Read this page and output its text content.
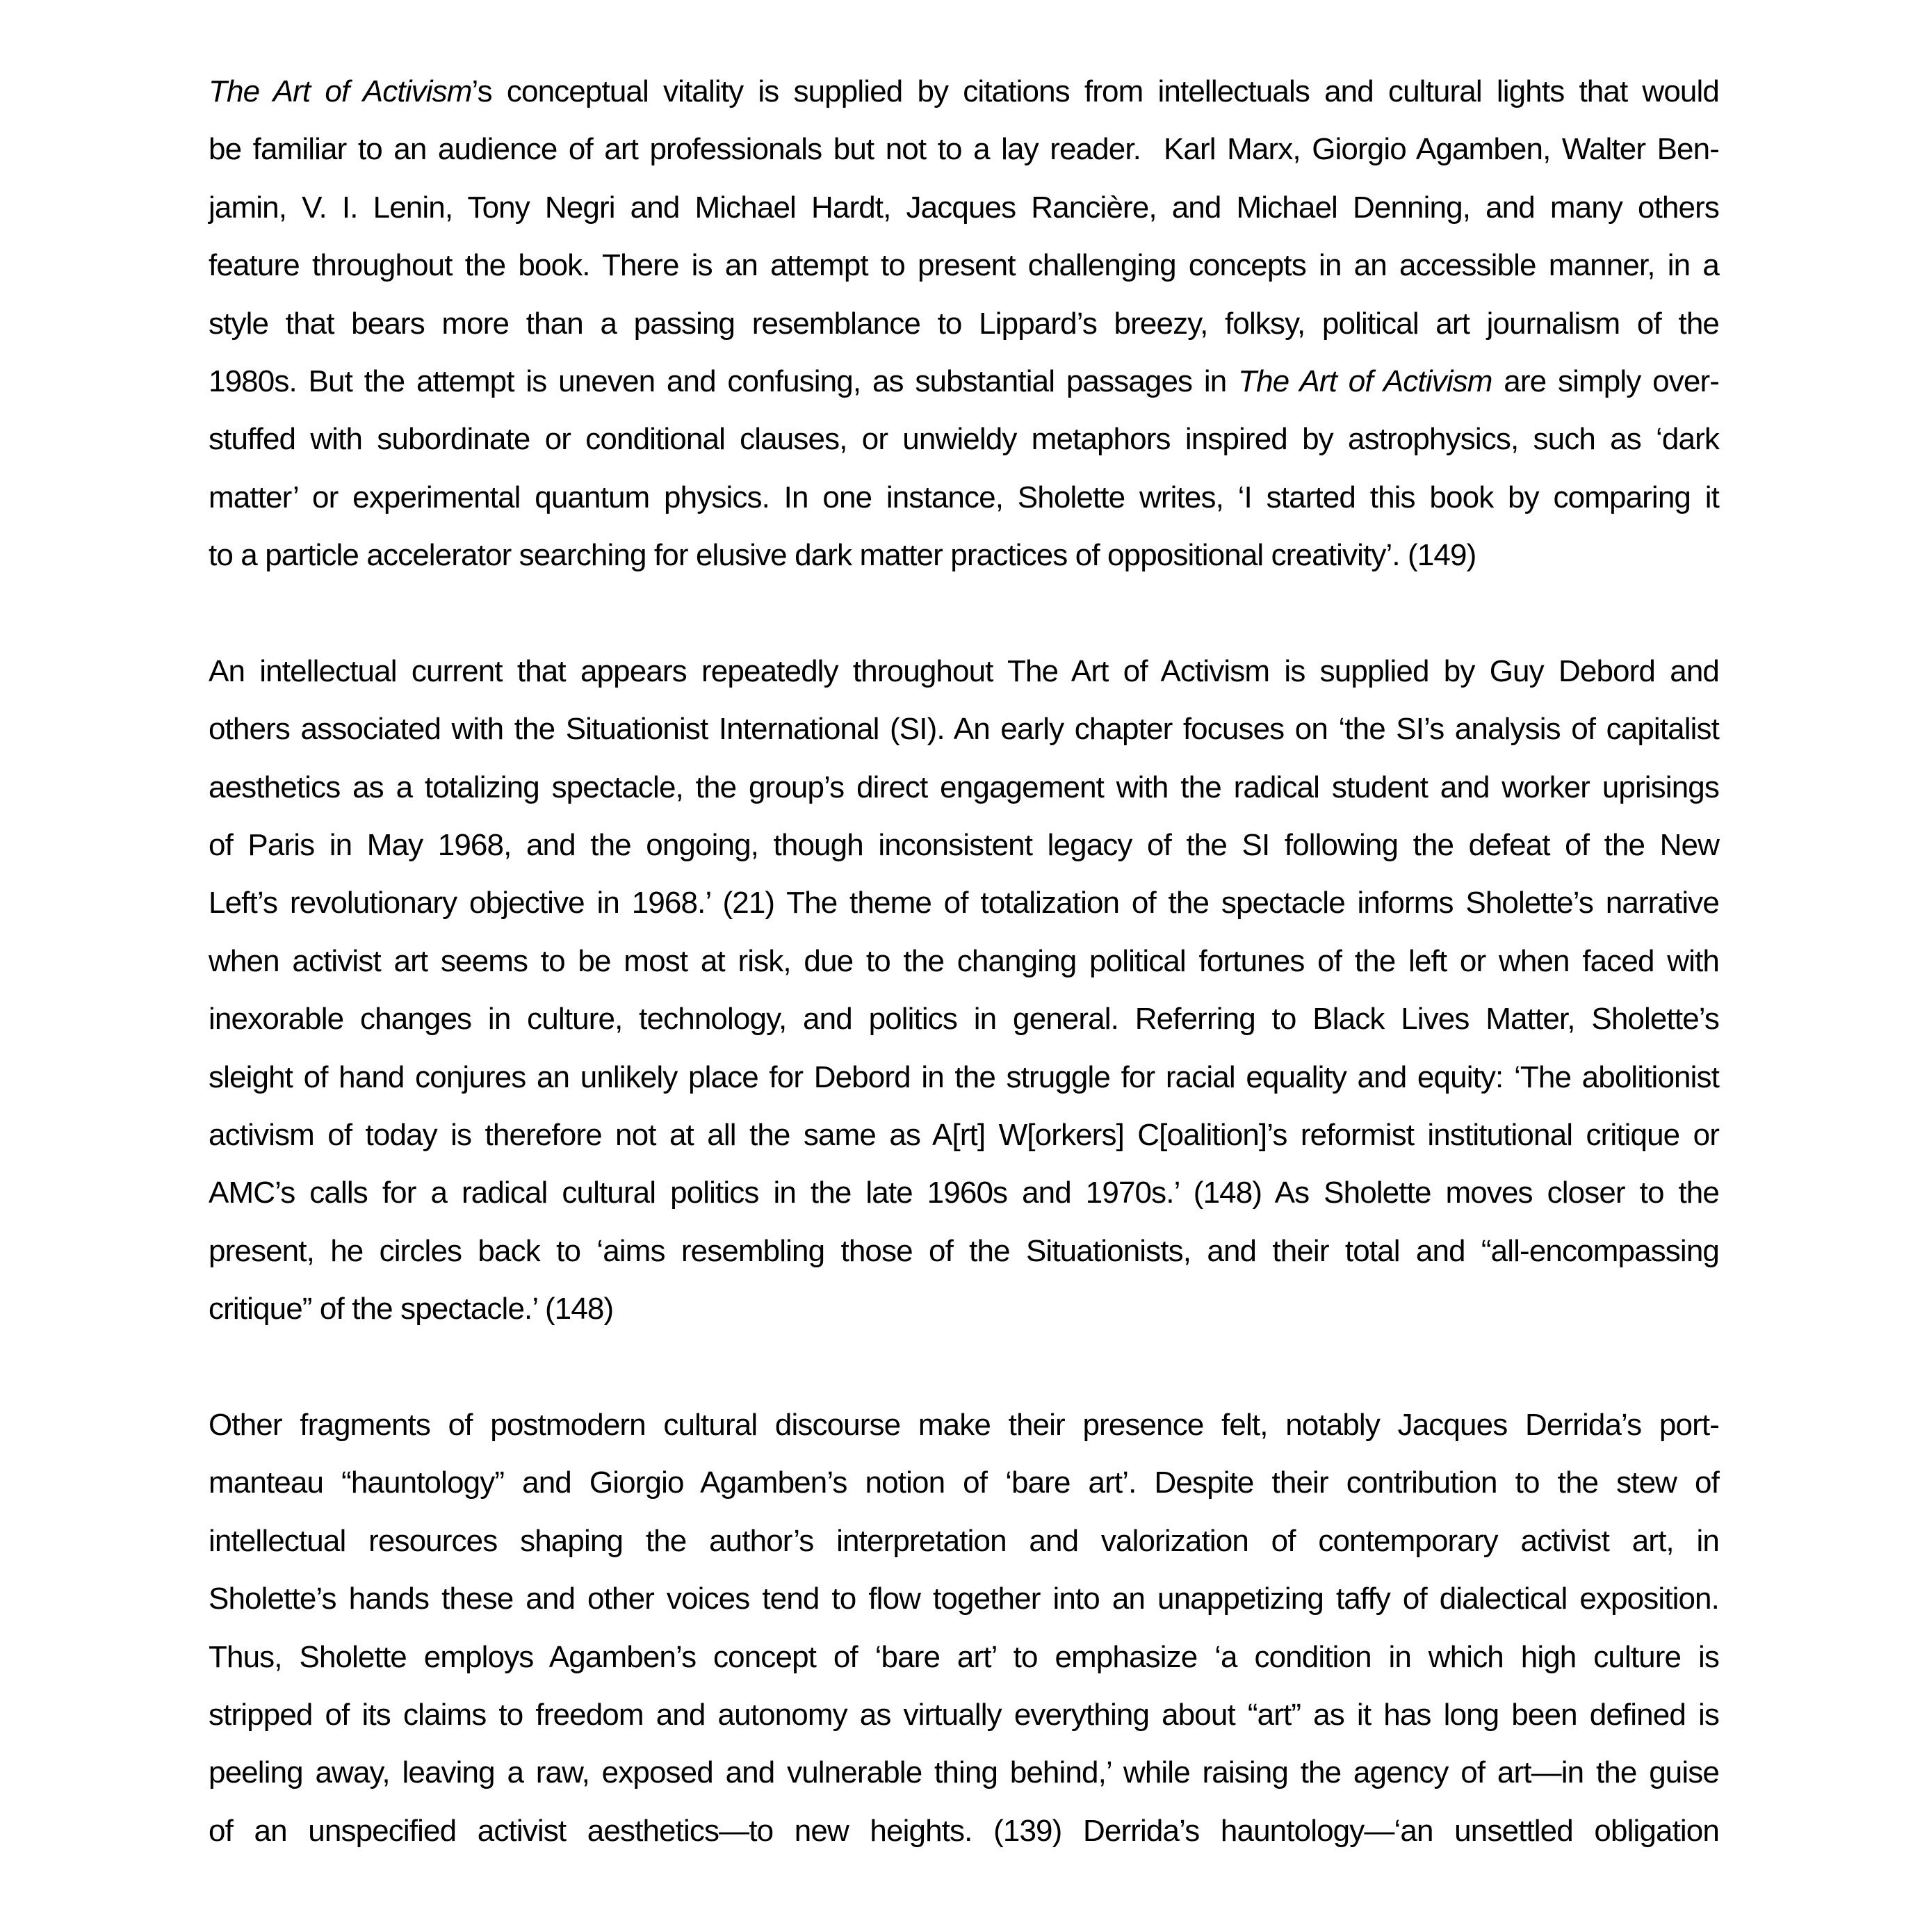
The Art of Activism’s conceptual vitality is supplied by citations from intellectuals and cultural lights that would
be familiar to an audience of art professionals but not to a lay reader.  Karl Marx, Giorgio Agamben, Walter Ben-
jamin, V. I. Lenin, Tony Negri and Michael Hardt, Jacques Rancière, and Michael Denning, and many others
feature throughout the book. There is an attempt to present challenging concepts in an accessible manner, in a
style that bears more than a passing resemblance to Lippard’s breezy, folksy, political art journalism of the
1980s. But the attempt is uneven and confusing, as substantial passages in The Art of Activism are simply over-
stuffed with subordinate or conditional clauses, or unwieldy metaphors inspired by astrophysics, such as ‘dark
matter’ or experimental quantum physics. In one instance, Sholette writes, ‘I started this book by comparing it
to a particle accelerator searching for elusive dark matter practices of oppositional creativity’. (149)
An intellectual current that appears repeatedly throughout The Art of Activism is supplied by Guy Debord and
others associated with the Situationist International (SI). An early chapter focuses on ‘the SI’s analysis of capitalist
aesthetics as a totalizing spectacle, the group’s direct engagement with the radical student and worker uprisings
of Paris in May 1968, and the ongoing, though inconsistent legacy of the SI following the defeat of the New
Left’s revolutionary objective in 1968.’ (21) The theme of totalization of the spectacle informs Sholette’s narrative
when activist art seems to be most at risk, due to the changing political fortunes of the left or when faced with
inexorable changes in culture, technology, and politics in general. Referring to Black Lives Matter, Sholette’s
sleight of hand conjures an unlikely place for Debord in the struggle for racial equality and equity: ‘The abolitionist
activism of today is therefore not at all the same as A[rt] W[orkers] C[oalition]’s reformist institutional critique or
AMC’s calls for a radical cultural politics in the late 1960s and 1970s.’ (148) As Sholette moves closer to the
present, he circles back to ‘aims resembling those of the Situationists, and their total and “all-encompassing
critique” of the spectacle.’ (148)
Other fragments of postmodern cultural discourse make their presence felt, notably Jacques Derrida’s port-
manteau “hauntology” and Giorgio Agamben’s notion of ‘bare art’. Despite their contribution to the stew of
intellectual resources shaping the author’s interpretation and valorization of contemporary activist art, in
Sholette’s hands these and other voices tend to flow together into an unappetizing taffy of dialectical exposition.
Thus, Sholette employs Agamben’s concept of ‘bare art’ to emphasize ‘a condition in which high culture is
stripped of its claims to freedom and autonomy as virtually everything about “art” as it has long been defined is
peeling away, leaving a raw, exposed and vulnerable thing behind,’ while raising the agency of art—in the guise
of an unspecified activist aesthetics—to new heights. (139) Derrida’s hauntology—‘an unsettled obligation
